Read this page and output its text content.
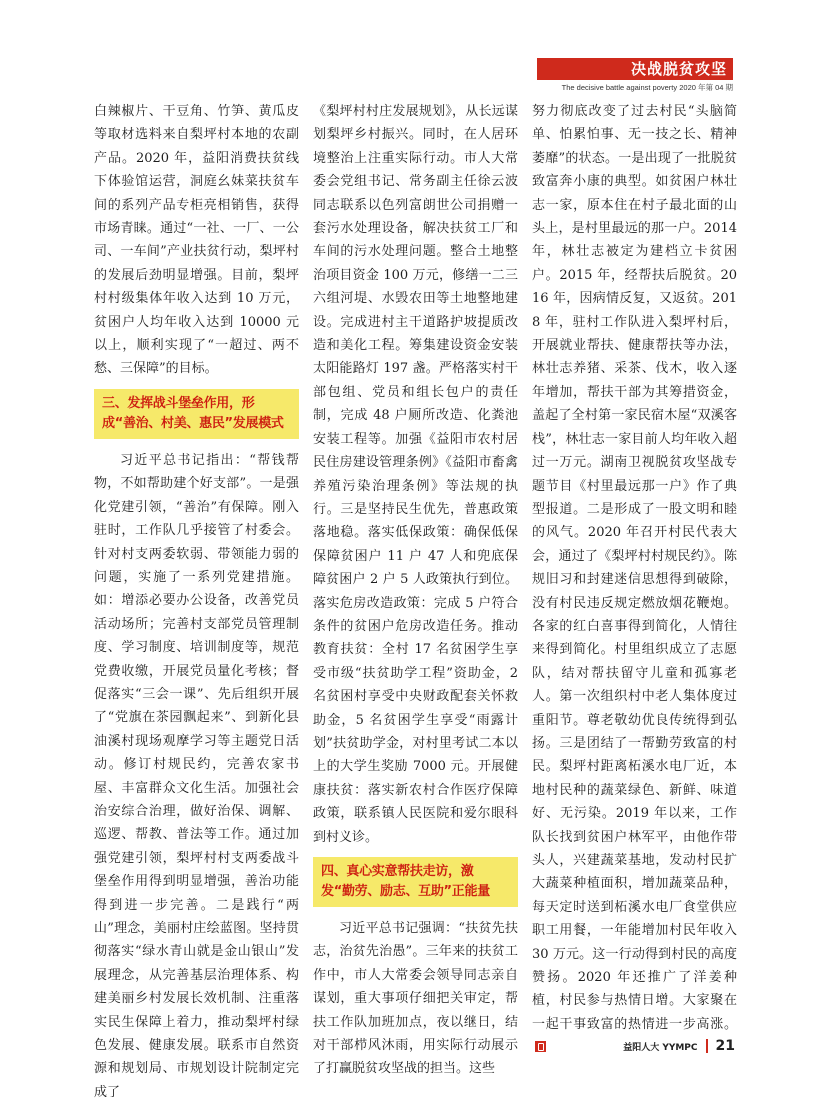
决战脱贫攻坚
The decisive battle against poverty 2020 年第 04 期

白辣椒片、干豆角、竹笋、黄瓜皮等取材选料来自梨坪村本地的农副产品。2020 年，益阳消费扶贫线下体验馆运营，洞庭幺妹菜扶贫车间的系列产品专柜亮相销售，获得市场青睐。通过“一社、一厂、一公司、一车间”产业扶贫行动，梨坪村的发展后劲明显增强。目前，梨坪村村级集体年收入达到 10 万元，贫困户人均年收入达到 10000 元以上，顺利实现了“一超过、两不愁、三保障”的目标。

三、发挥战斗堡垒作用，形
成“善治、村美、惠民”发展模式

习近平总书记指出：“帮钱帮物，不如帮助建个好支部”。一是强化党建引领，“善治”有保障。刚入驻时，工作队几乎接管了村委会。针对村支两委软弱、带领能力弱的问题，实施了一系列党建措施。如：增添必要办公设备，改善党员活动场所；完善村支部党员管理制度、学习制度、培训制度等，规范党费收缴，开展党员量化考核；督促落实“三会一课”、先后组织开展了“党旗在茶园飘起来”、到新化县油溪村现场观摩学习等主题党日活动。修订村规民约，完善农家书屋、丰富群众文化生活。加强社会治安综合治理，做好治保、调解、巡逻、帮教、普法等工作。通过加强党建引领，梨坪村村支两委战斗堡垒作用得到明显增强，善治功能得到进一步完善。二是践行“两山”理念，美丽村庄绘蓝图。坚持贯彻落实“绿水青山就是金山银山”发展理念，从完善基层治理体系、构建美丽乡村发展长效机制、注重落实民生保障上着力，推动梨坪村绿色发展、健康发展。联系市自然资源和规划局、市规划设计院制定完成了

《梨坪村村庄发展规划》，从长远谋划梨坪乡村振兴。同时，在人居环境整治上注重实际行动。市人大常委会党组书记、常务副主任徐云波同志联系以色列富朗世公司捐赠一套污水处理设备，解决扶贫工厂和车间的污水处理问题。整合土地整治项目资金 100 万元，修缮一二三六组河堤、水毁农田等土地整地建设。完成进村主干道路护坡提质改造和美化工程。筹集建设资金安装太阳能路灯 197 盏。严格落实村干部包组、党员和组长包户的责任制，完成 48 户厕所改造、化粪池安装工程等。加强《益阳市农村居民住房建设管理条例》《益阳市畜禽养殖污染治理条例》等法规的执行。三是坚持民生优先，普惠政策落地稳。落实低保政策：确保低保保障贫困户 11 户 47 人和兜底保障贫困户 2 户 5 人政策执行到位。落实危房改造政策：完成 5 户符合条件的贫困户危房改造任务。推动教育扶贫：全村 17 名贫困学生享受市级“扶贫助学工程”资助金，2 名贫困村享受中央财政配套关怀救助金，5 名贫困学生享受“雨露计划”扶贫助学金，对村里考试二本以上的大学生奖励 7000 元。开展健康扶贫：落实新农村合作医疗保障政策，联系镇人民医院和爱尔眼科到村义诊。

四、真心实意帮扶走访，激
发“勤劳、励志、互助”正能量

习近平总书记强调：“扶贫先扶志，治贫先治愚”。三年来的扶贫工作中，市人大常委会领导同志亲自谋划，重大事项仔细把关审定，帮扶工作队加班加点，夜以继日，结对干部栉风沐雨，用实际行动展示了打赢脱贫攻坚战的担当。这些

努力彻底改变了过去村民“头脑简单、怕累怕事、无一技之长、精神萎靡”的状态。一是出现了一批脱贫致富奔小康的典型。如贫困户林壮志一家，原本住在村子最北面的山头上，是村里最远的那一户。2014 年，林壮志被定为建档立卡贫困户。2015 年，经帮扶后脱贫。2016 年，因病情反复，又返贫。2018 年，驻村工作队进入梨坪村后，开展就业帮扶、健康帮扶等办法，林壮志养猪、采茶、伐木，收入逐年增加，帮扶干部为其筹措资金，盖起了全村第一家民宿木屋“双溪客栈”，林壮志一家目前人均年收入超过一万元。湖南卫视脱贫攻坚战专题节目《村里最远那一户》作了典型报道。二是形成了一股文明和睦的风气。2020 年召开村民代表大会，通过了《梨坪村村规民约》。陈规旧习和封建迷信思想得到破除，没有村民违反规定燃放烟花鞭炮。各家的红白喜事得到简化，人情往来得到简化。村里组织成立了志愿队，结对帮扶留守儿童和孤寡老人。第一次组织村中老人集体度过重阳节。尊老敬幼优良传统得到弘扬。三是团结了一帮勤劳致富的村民。梨坪村距离柘溪水电厂近，本地村民种的蔬菜绿色、新鲜、味道好、无污染。2019 年以来，工作队长找到贫困户林军平，由他作带头人，兴建蔬菜基地，发动村民扩大蔬菜种植面积，增加蔬菜品种，每天定时送到柘溪水电厂食堂供应职工用餐，一年能增加村民年收入 30 万元。这一行动得到村民的高度赞扬。2020 年还推广了洋姜种植，村民参与热情日增。大家聚在一起干事致富的热情进一步高涨。

益阳人大 YYMPC 21
